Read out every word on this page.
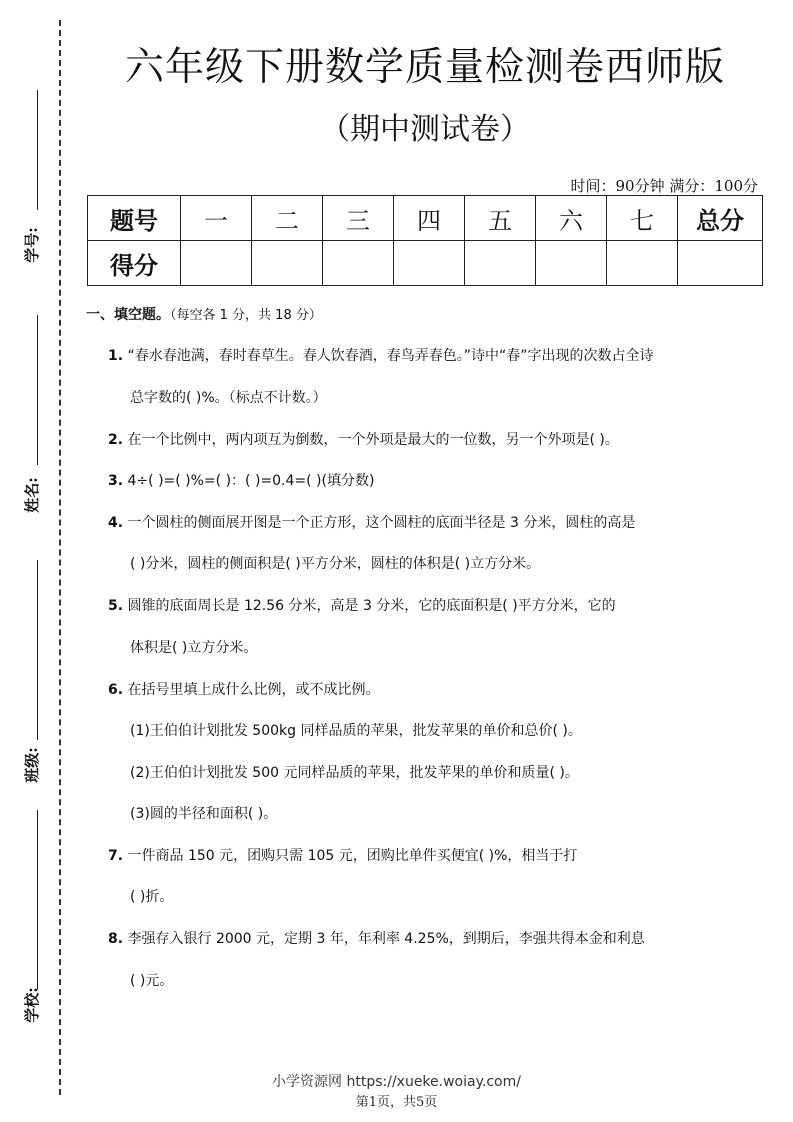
学号:
姓名:
班级:
学校:
六年级下册数学质量检测卷西师版
（期中测试卷）
时间：90分钟 满分：100分
题号	一	二	三	四	五	六	七	总分
得分								
一、填空题。（每空各 1 分，共 18 分）
1. “春水春池满，春时春草生。春人饮春酒，春鸟弄春色。”诗中“春”字出现的次数占全诗
总字数的( )%。（标点不计数。）
2. 在一个比例中，两内项互为倒数，一个外项是最大的一位数，另一个外项是( )。
3. 4÷( )=( )%=( )：( )=0.4=( )(填分数)
4. 一个圆柱的侧面展开图是一个正方形，这个圆柱的底面半径是 3 分米，圆柱的高是
( )分米，圆柱的侧面积是( )平方分米，圆柱的体积是( )立方分米。
5. 圆锥的底面周长是 12.56 分米，高是 3 分米，它的底面积是( )平方分米，它的
体积是( )立方分米。
6. 在括号里填上成什么比例，或不成比例。
(1)王伯伯计划批发 500kg 同样品质的苹果，批发苹果的单价和总价( )。
(2)王伯伯计划批发 500 元同样品质的苹果，批发苹果的单价和质量( )。
(3)圆的半径和面积( )。
7. 一件商品 150 元，团购只需 105 元，团购比单件买便宜( )%，相当于打
( )折。
8. 李强存入银行 2000 元，定期 3 年，年利率 4.25%，到期后，李强共得本金和利息
( )元。
小学资源网 https://xueke.woiay.com/
第1页，共5页
